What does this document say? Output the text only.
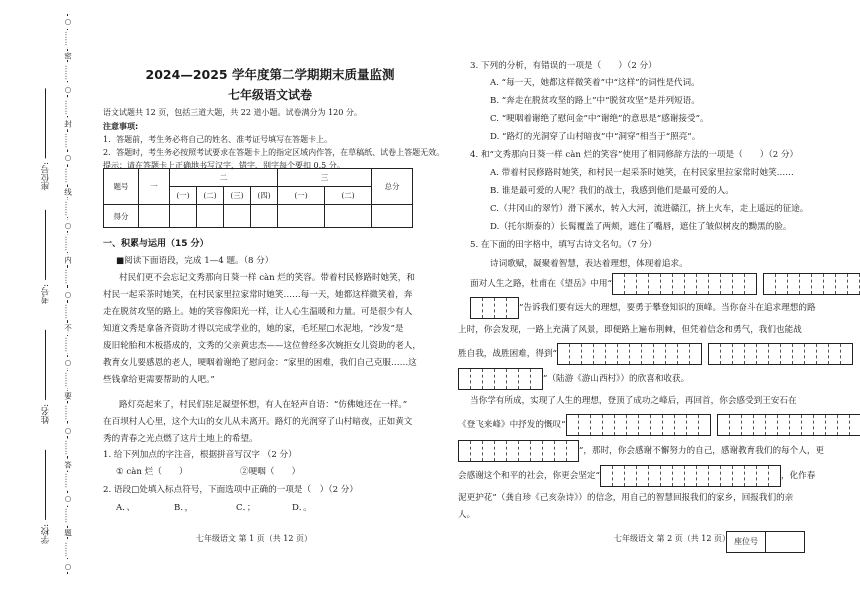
○
……
密
……
○
……
封
……
○
……
线
……
○
……
内
……
○
……
不
……
○
……
要
……
○
……
答
……
○
……
题
……
○
座位号:
考号:
姓名:
学校:
2024—2025 学年度第二学期期末质量监测
七年级语文试卷
语文试题共 12 页，包括三道大题，共 22 道小题。试卷满分为 120 分。
注意事项:
1．答题前，考生务必将自己的姓名、准考证号填写在答题卡上。
2．答题时，考生务必按照考试要求在答题卡上的指定区域内作答，在草稿纸、试卷上答题无效。
提示：请在答题卡上正确地书写汉字，错字、别字每个要扣 0.5 分。
题号	一	二				三		总分
		(一)	(二)	(三)	(四)	(一)	(二)	
得分								
一、积累与运用（15 分）
■阅读下面语段，完成 1—4 题。（8 分）
村民们更不会忘记文秀那向日葵一样 càn 烂的笑容。带着村民修路时她笑，和
村民一起采茶时她笑，在村民家里拉家常时她笑……每一天，她都这样微笑着，奔
走在脱贫攻坚的路上。她的笑容像阳光一样，让人心生温暖和力量。可是很少有人
知道文秀是拿备齐资助才得以完成学业的，她的家，毛坯屋□水泥地，“沙发”是
废旧轮胎和木板搭成的，文秀的父亲黄忠杰——这位曾经多次婉拒女儿资助的老人，
教育女儿要感恩的老人，哽咽着谢绝了慰问金：“家里的困难，我们自己克服……这
些钱拿给更需要帮助的人吧。”
路灯亮起来了，村民们驻足凝望怀想，有人在轻声自语：“仿佛她还在一样。”
在百坝村人心里，这个大山的女儿从未离开。路灯的光润穿了山村暗夜，正如黄文
秀的青春之光点燃了这片土地上的希望。
1. 给下列加点的字注音，根据拼音写汉字 （2 分）
① càn 烂（　　）	②哽咽（　　）
2. 语段□处填入标点符号，下面选项中正确的一项是（　）（2 分）
A．、	B．，	C．；	D．。
七年级语文 第 1 页（共 12 页）
3. 下列的分析，有错误的一项是（　　）（2 分）
A. “每一天，她都这样微笑着”中“这样”的词性是代词。
B. “奔走在脱贫攻坚的路上”中“脱贫攻坚”是并列短语。
C. “哽咽着谢绝了慰问金”中“谢绝”的意思是“感谢接受”。
D. “路灯的光洞穿了山村暗夜”中“洞穿”相当于“照亮”。
4. 和“文秀那向日葵一样 càn 烂的笑容”使用了相同修辞方法的一项是（　　）（2 分）
A. 带着村民修路时她笑，和村民一起采茶时她笑，在村民家里拉家常时她笑……
B. 谁是最可爱的人呢？我们的战士，我感到他们是最可爱的人。
C.（井冈山的翠竹）滑下溪水，转入大河，流进赣江，挤上火车，走上遥远的征途。
D.（托尔斯泰的）长髯覆盖了两颊，遮住了嘴唇，遮住了皱似树皮的黝黑的脸。
5. 在下面的田字格中，填写古诗文名句。（7 分）
诗词歌赋，凝聚着智慧，表达着理想，体现着追求。
面对人生之路，杜甫在《望岳》中用“
”告诉我们要有远大的理想，要勇于攀登知识的顶峰。当你奋斗在追求理想的路
上时，你会发现，一路上充满了风景，即便路上遍布荆棘，但凭着信念和勇气，我们也能战
胜自我，战胜困难，得到“
”（陆游《游山西村》）的欣喜和收获。
当你学有所成，实现了人生的理想，登顶了成功之峰后，再回首，你会感受到王安石在
《登飞来峰》中抒发的慨叹“
”，那时，你会感谢不懈努力的自己，感谢教育我们的每个人，更
会感谢这个和平的社会，你更会坚定“	，化作春
泥更护花”（龚自珍《己亥杂诗》）的信念，用自己的智慧回报我们的家乡，回报我们的亲
人。
七年级语文 第 2 页（共 12 页） 座位号
